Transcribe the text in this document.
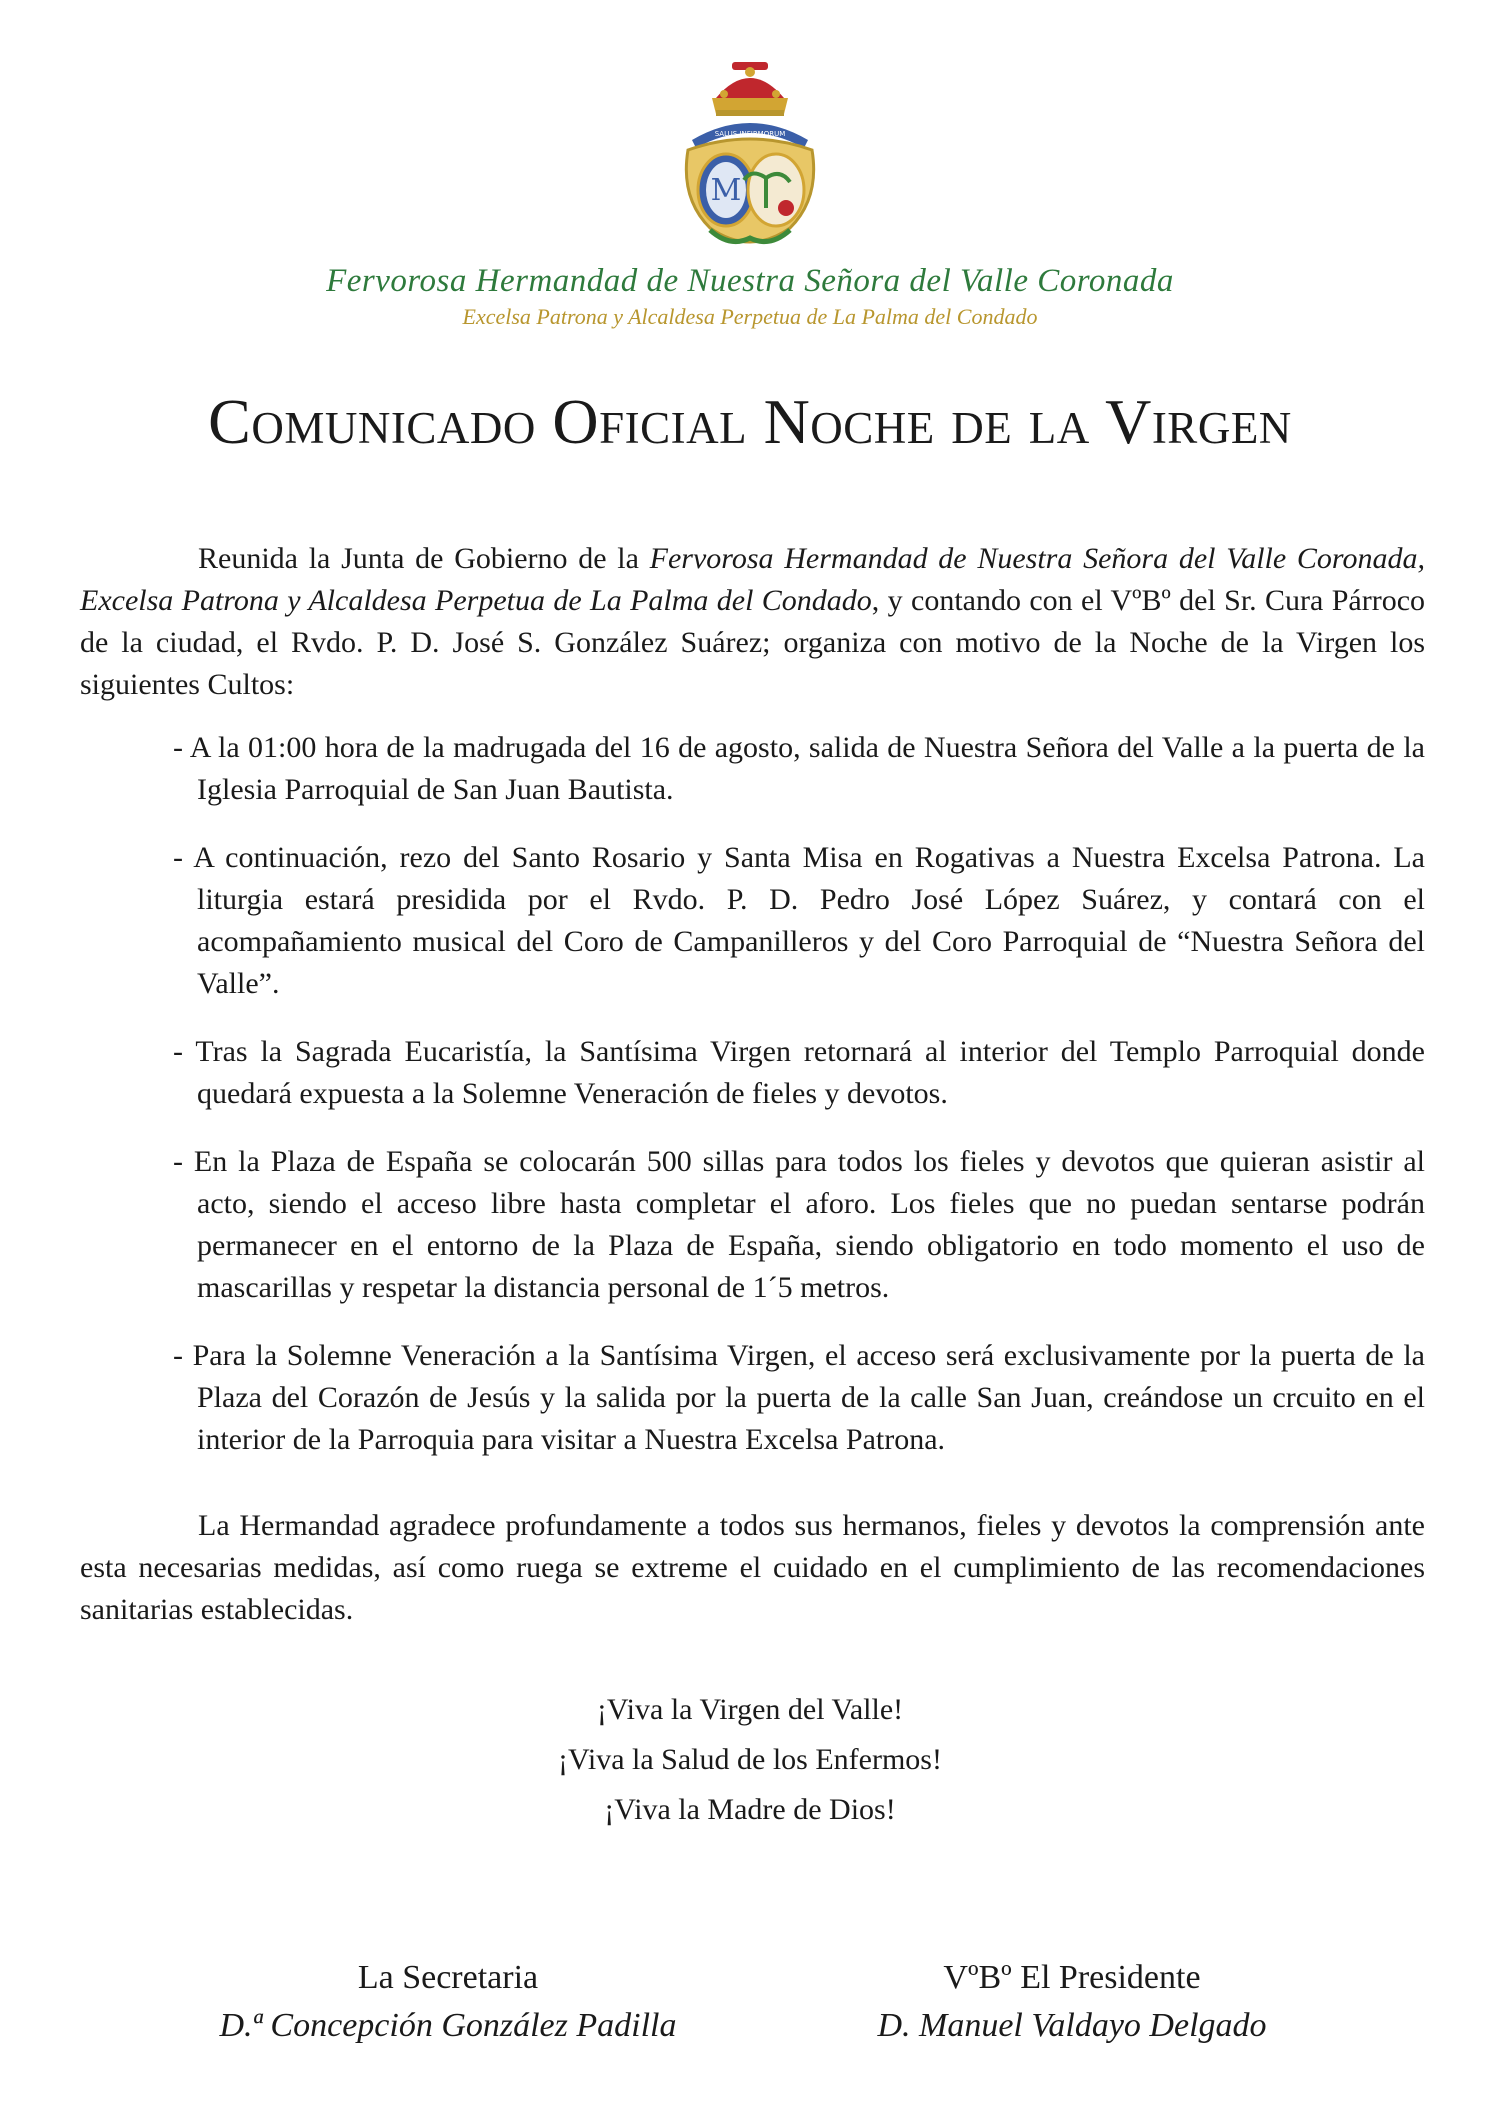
SALUS INFIRMORUM
M
Fervorosa Hermandad de Nuestra Señora del Valle Coronada
Excelsa Patrona y Alcaldesa Perpetua de La Palma del Condado
Comunicado Oficial Noche de la Virgen

Reunida la Junta de Gobierno de la Fervorosa Hermandad de Nuestra Señora del Valle Coronada, Excelsa Patrona y Alcaldesa Perpetua de La Palma del Condado, y contando con el VºBº del Sr. Cura Párroco de la ciudad, el Rvdo. P. D. José S. González Suárez; organiza con motivo de la Noche de la Virgen los siguientes Cultos:

- A la 01:00 hora de la madrugada del 16 de agosto, salida de Nuestra Señora del Valle a la puerta de la Iglesia Parroquial de San Juan Bautista.
- A continuación, rezo del Santo Rosario y Santa Misa en Rogativas a Nuestra Excelsa Patrona. La liturgia estará presidida por el Rvdo. P. D. Pedro José López Suárez, y contará con el acompañamiento musical del Coro de Campanilleros y del Coro Parroquial de “Nuestra Señora del Valle”.
- Tras la Sagrada Eucaristía, la Santísima Virgen retornará al interior del Templo Parroquial donde quedará expuesta a la Solemne Veneración de fieles y devotos.
- En la Plaza de España se colocarán 500 sillas para todos los fieles y devotos que quieran asistir al acto, siendo el acceso libre hasta completar el aforo. Los fieles que no puedan sentarse podrán permanecer en el entorno de la Plaza de España, siendo obligatorio en todo momento el uso de mascarillas y respetar la distancia personal de 1´5 metros.
- Para la Solemne Veneración a la Santísima Virgen, el acceso será exclusivamente por la puerta de la Plaza del Corazón de Jesús y la salida por la puerta de la calle San Juan, creándose un crcuito en el interior de la Parroquia para visitar a Nuestra Excelsa Patrona.

La Hermandad agradece profundamente a todos sus hermanos, fieles y devotos la comprensión ante esta necesarias medidas, así como ruega se extreme el cuidado en el cumplimiento de las recomendaciones sanitarias establecidas.

¡Viva la Virgen del Valle!
¡Viva la Salud de los Enfermos!
¡Viva la Madre de Dios!
La Secretaria
D.ª Concepción González Padilla
VºBº El Presidente
D. Manuel Valdayo Delgado
